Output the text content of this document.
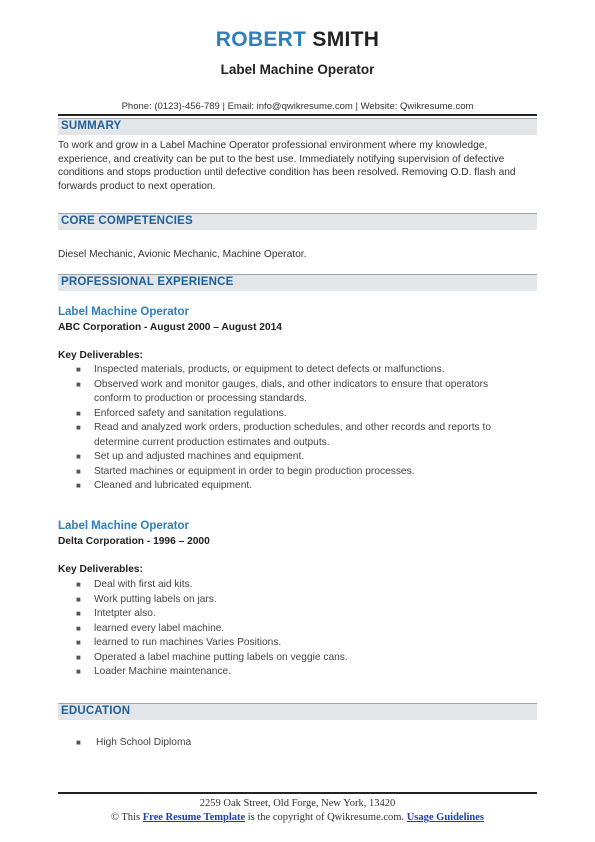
ROBERT SMITH
Label Machine Operator
Phone: (0123)-456-789 | Email: info@qwikresume.com | Website: Qwikresume.com
SUMMARY
To work and grow in a Label Machine Operator professional environment where my knowledge, experience, and creativity can be put to the best use. Immediately notifying supervision of defective conditions and stops production until defective condition has been resolved. Removing O.D. flash and forwards product to next operation.
CORE COMPETENCIES
Diesel Mechanic, Avionic Mechanic, Machine Operator.
PROFESSIONAL EXPERIENCE
Label Machine Operator
ABC Corporation - August 2000 – August 2014
Key Deliverables:
■ Inspected materials, products, or equipment to detect defects or malfunctions.
■ Observed work and monitor gauges, dials, and other indicators to ensure that operators conform to production or processing standards.
■ Enforced safety and sanitation regulations.
■ Read and analyzed work orders, production schedules, and other records and reports to determine current production estimates and outputs.
■ Set up and adjusted machines and equipment.
■ Started machines or equipment in order to begin production processes.
■ Cleaned and lubricated equipment.
Label Machine Operator
Delta Corporation - 1996 – 2000
Key Deliverables:
■ Deal with first aid kits.
■ Work putting labels on jars.
■ Intetpter also.
■ learned every label machine.
■ learned to run machines Varies Positions.
■ Operated a label machine putting labels on veggie cans.
■ Loader Machine maintenance.
EDUCATION
■ High School Diploma
2259 Oak Street, Old Forge, New York, 13420
© This Free Resume Template is the copyright of Qwikresume.com. Usage Guidelines
